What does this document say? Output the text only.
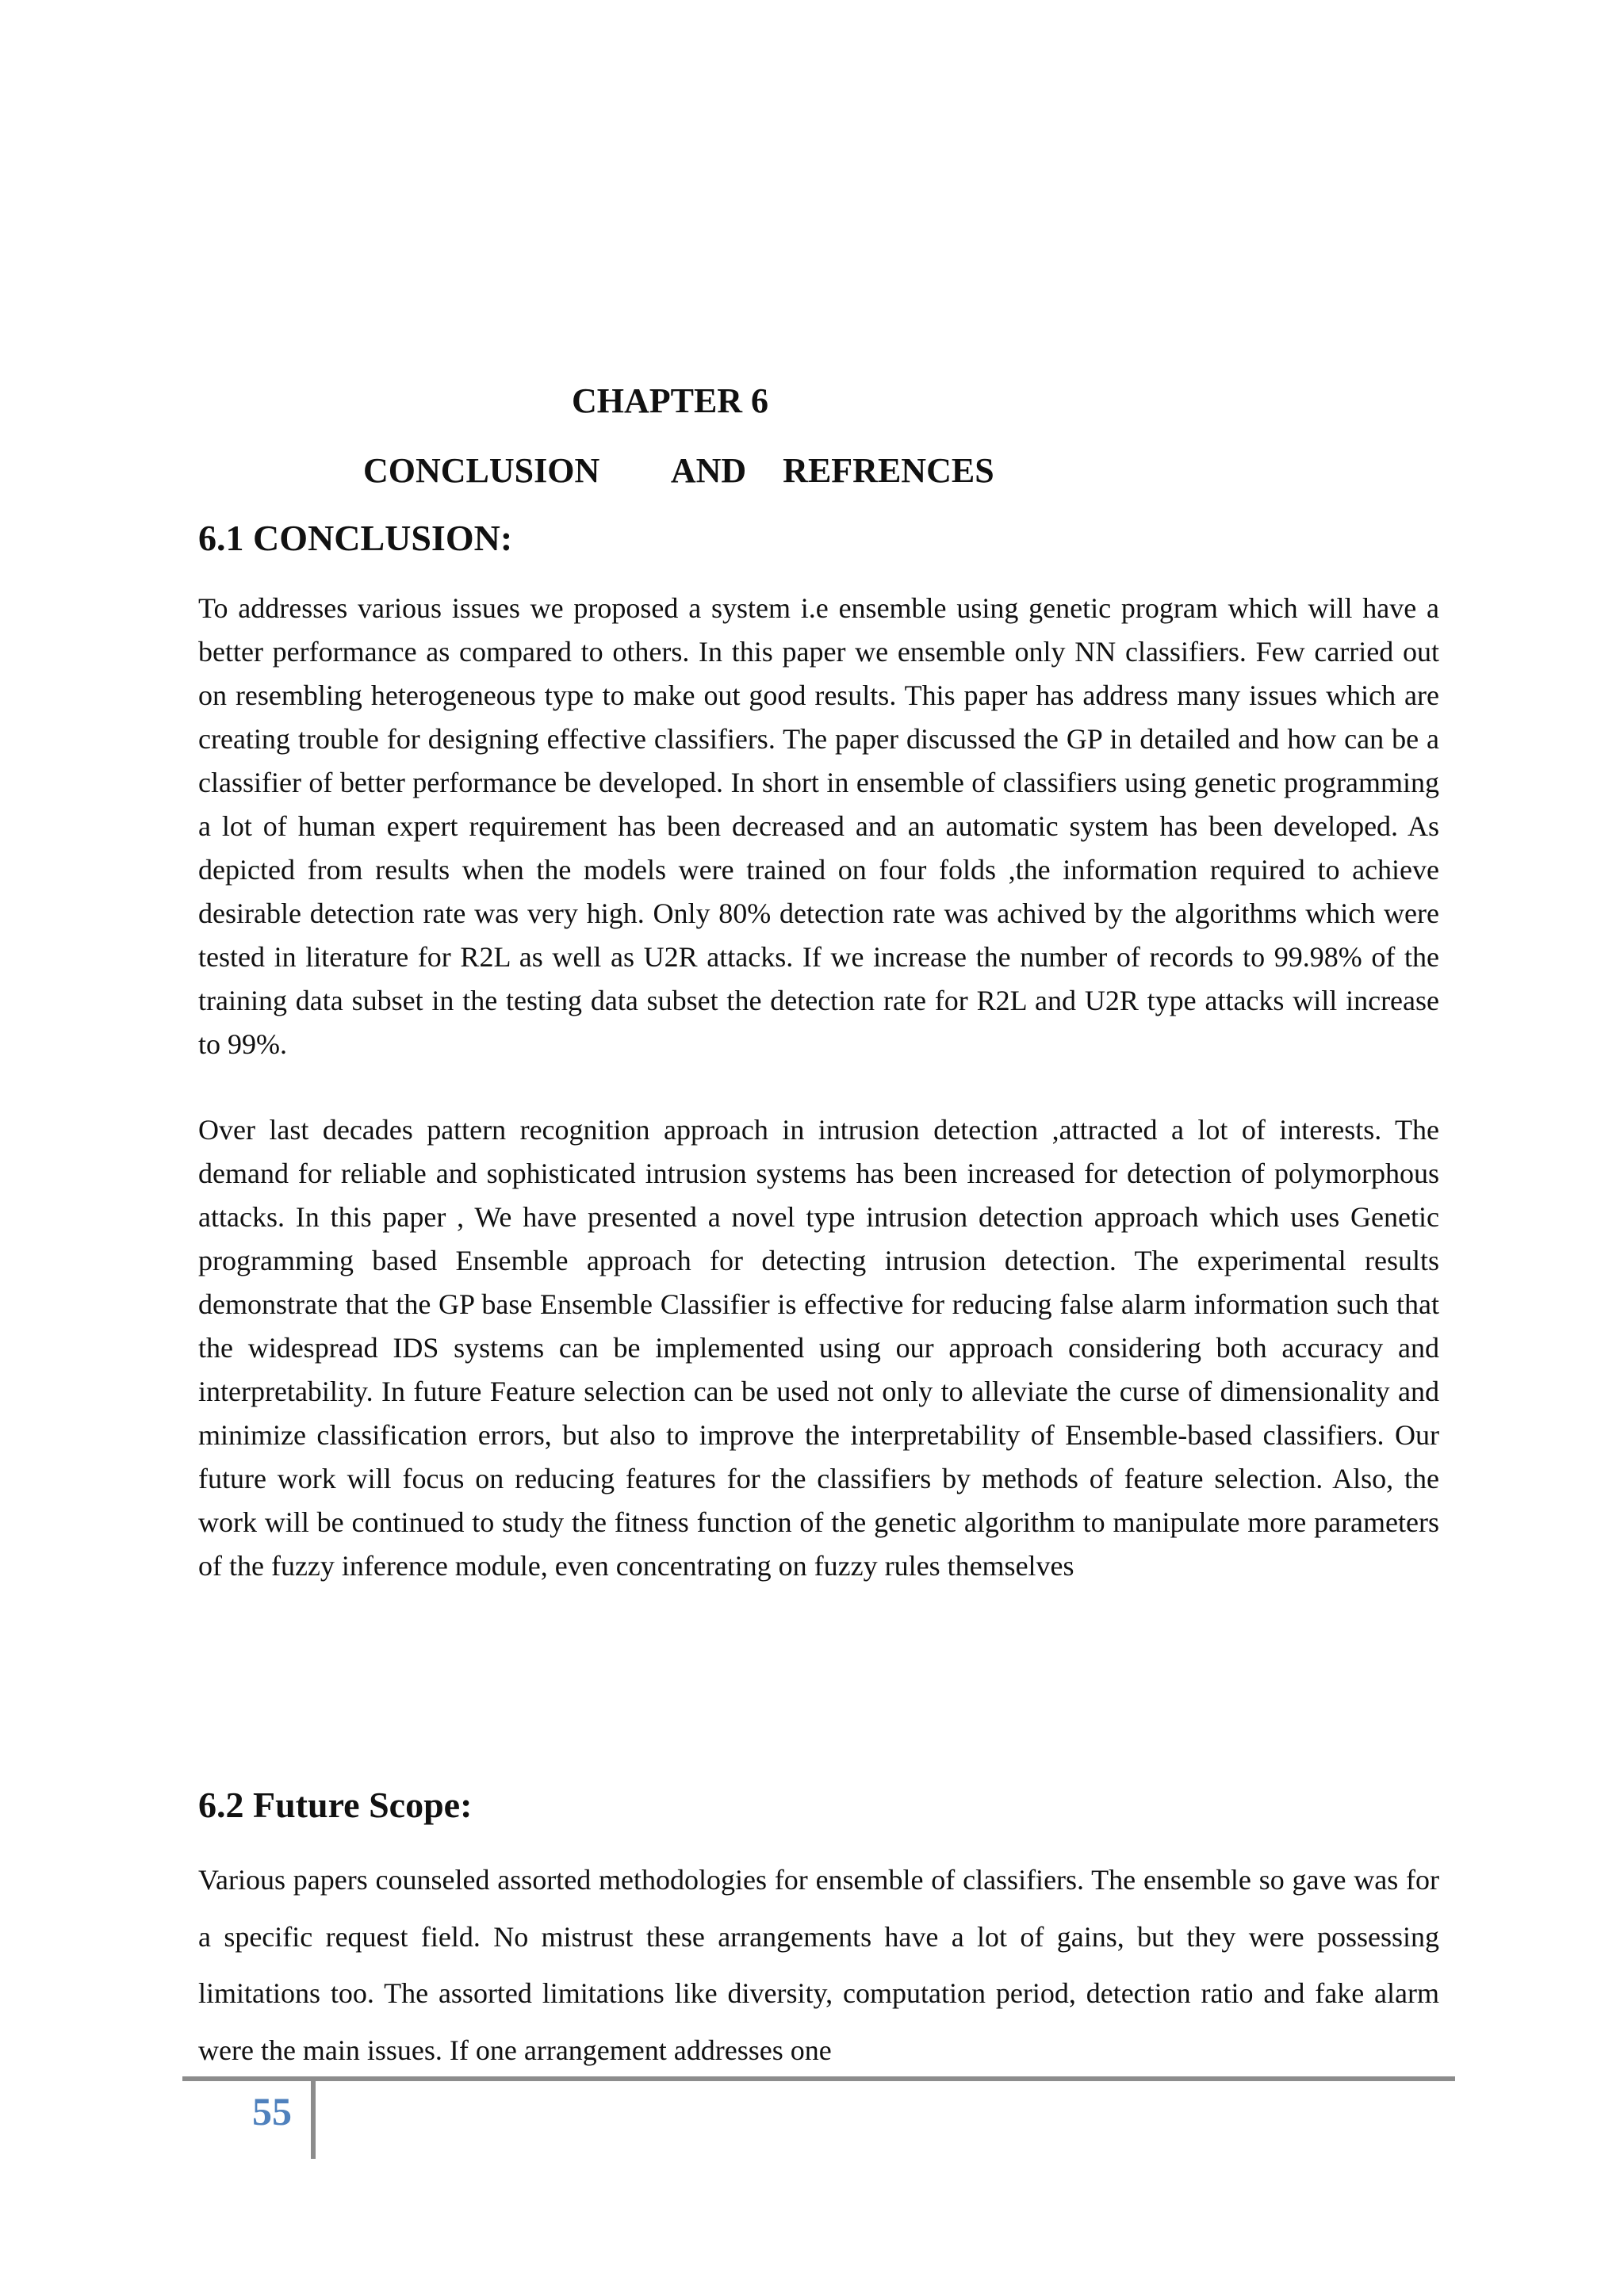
CHAPTER 6
CONCLUSION    AND  REFRENCES
6.1 CONCLUSION:

To addresses various issues we proposed a system i.e ensemble using genetic program which will have a better performance as compared to others. In this paper we ensemble only NN classifiers. Few carried out on resembling heterogeneous type to make out good results. This paper has address many issues which are creating trouble for designing effective classifiers. The paper discussed the GP in detailed and how can be a classifier of better performance be developed. In short in ensemble of classifiers using genetic programming a lot of human expert requirement has been decreased and an automatic system has been developed. As depicted from results when the models were trained on four folds ,the information required to achieve desirable detection rate was very high. Only 80% detection rate was achived by the algorithms which were tested in literature for R2L as well as U2R attacks. If we increase the number of records to 99.98% of the training data subset in the testing data subset the detection rate for R2L and U2R type attacks will increase to 99%.

Over last decades pattern recognition approach in intrusion detection ,attracted a lot of interests. The demand for reliable and sophisticated intrusion systems has been increased for detection of polymorphous attacks. In this paper , We have presented a novel type intrusion detection approach which uses Genetic programming based Ensemble approach for detecting intrusion detection. The experimental results demonstrate that the GP base Ensemble Classifier is effective for reducing false alarm information such that the widespread IDS systems can be implemented using our approach considering both accuracy and interpretability. In future Feature selection can be used not only to alleviate the curse of dimensionality and minimize classification errors, but also to improve the interpretability of Ensemble-based classifiers. Our future work will focus on reducing features for the classifiers by methods of feature selection. Also, the work will be continued to study the fitness function of the genetic algorithm to manipulate more parameters of the fuzzy inference module, even concentrating on fuzzy rules themselves

6.2 Future Scope:

Various papers counseled assorted methodologies for ensemble of classifiers. The ensemble so gave was for a specific request field. No mistrust these arrangements have a lot of gains, but they were possessing limitations too. The assorted limitations like diversity, computation period, detection ratio and fake alarm were the main issues. If one arrangement addresses one

55
